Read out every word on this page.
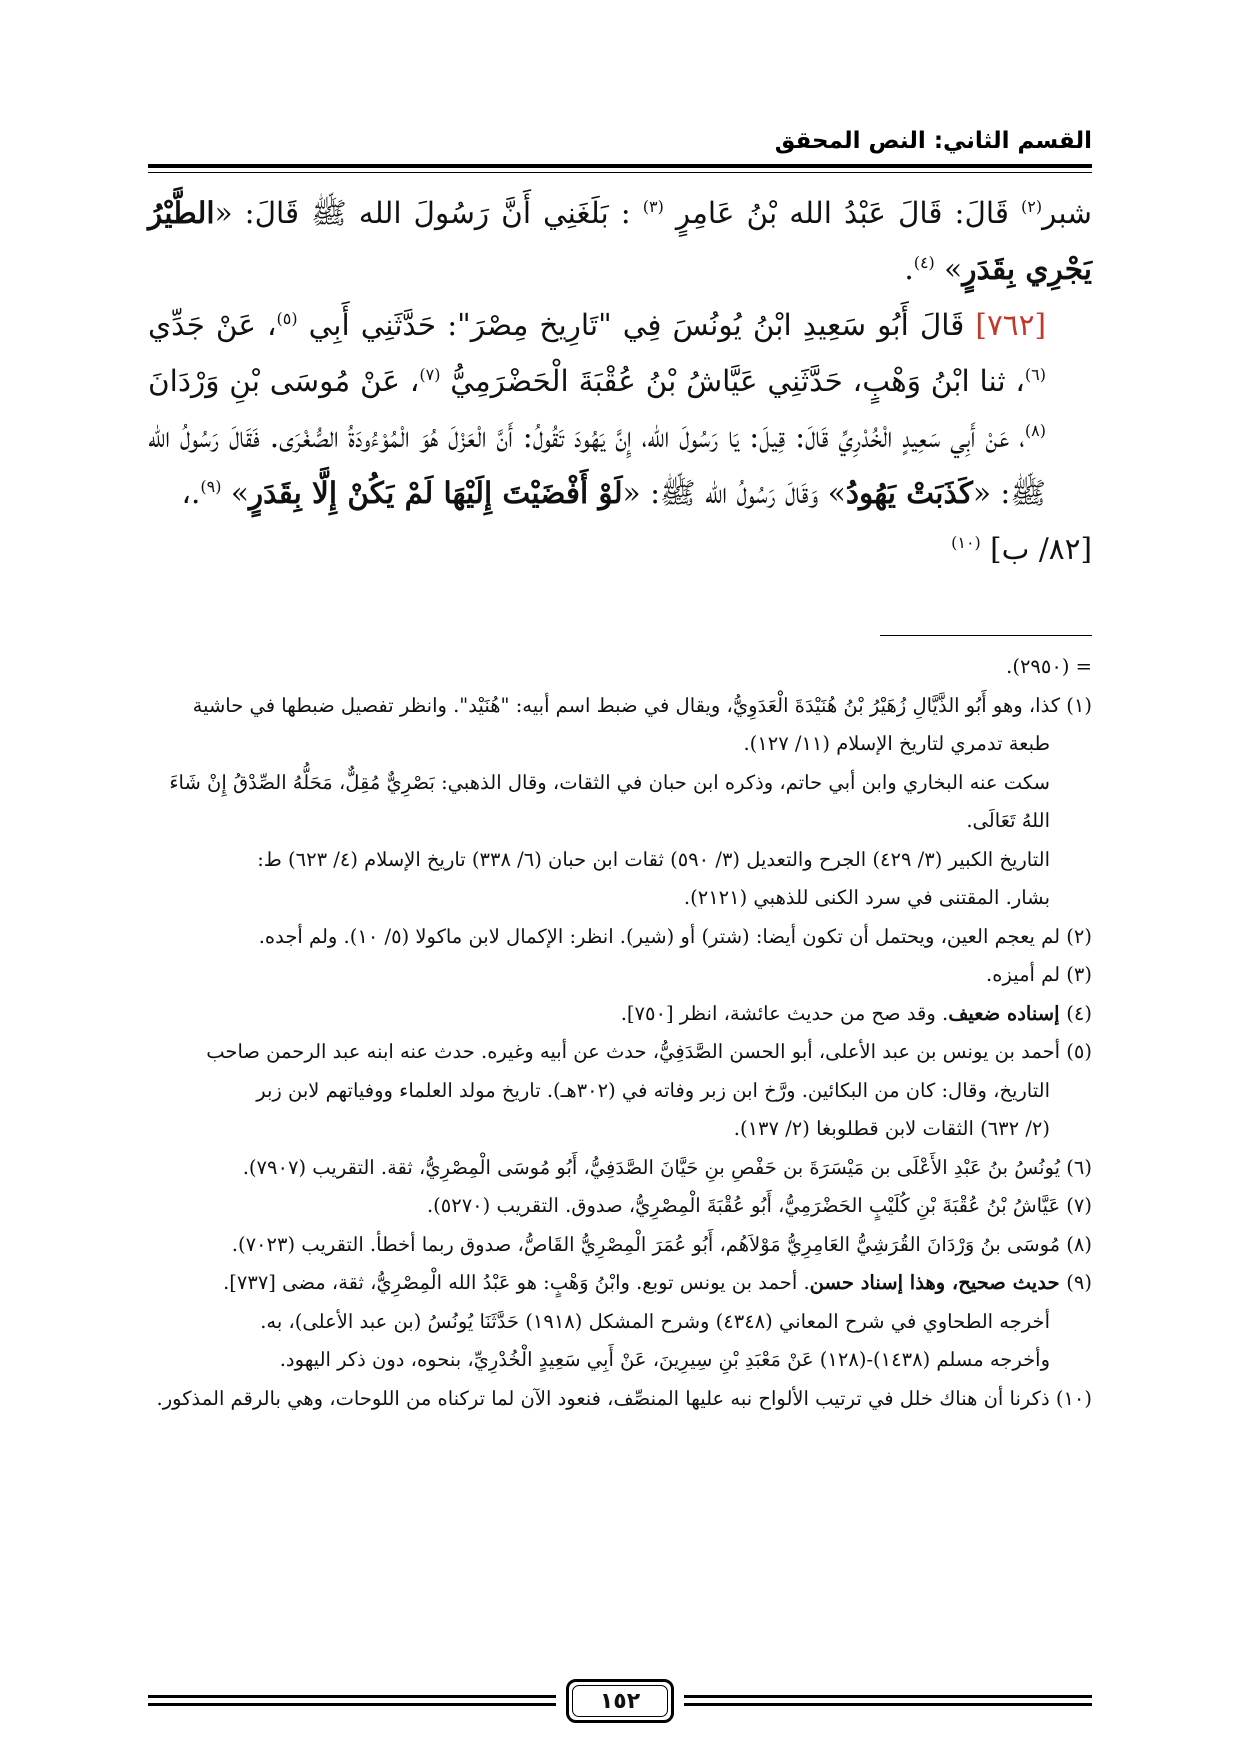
القسم الثاني: النص المحقق

شبر$^{(٢)}$ قَالَ: قَالَ عَبْدُ الله بْنُ عَامِرٍ $^{(٣)}$ : بَلَغَنِي أَنَّ رَسُولَ الله ﷺ قَالَ: «الطَّيْرُ يَجْرِي بِقَدَرٍ» $^{(٤)}$.

[٧٦٢] قَالَ أَبُو سَعِيدِ ابْنُ يُونُسَ فِي "تَارِيخ مِصْرَ": حَدَّثَنِي أَبِي $^{(٥)}$، عَنْ جَدِّي $^{(٦)}$، ثنا ابْنُ وَهْبٍ، حَدَّثَنِي عَيَّاشُ بْنُ عُقْبَةَ الْحَضْرَمِيُّ $^{(٧)}$، عَنْ مُوسَى بْنِ وَرْدَانَ $^{(٨)}$، عَنْ أَبِي سَعِيدٍ الْخُدْرِيِّ قَالَ: قِيلَ: يَا رَسُولَ الله، إِنَّ يَهُودَ تَقُولُ: أَنَّ الْعَزْلَ هُوَ الْمُوْءُودَةُ الصُّغْرَى. فَقَالَ رَسُولُ الله ﷺ: «كَذَبَتْ يَهُودُ» وَقَالَ رَسُولُ الله ﷺ: «لَوْ أَفْضَيْتَ إِلَيْهَا لَمْ يَكُنْ إِلَّا بِقَدَرٍ» $^{(٩)}$.،

[٨٢/ ب] $^{(١٠)}$

= (٢٩٥٠).

(١) كذا، وهو أَبُو الذَّيَّالِ زُهَيْرُ بْنُ هُنَيْدَةَ الْعَدَوِيُّ، ويقال في ضبط اسم أبيه: "هُنَيْد". وانظر تفصيل ضبطها في حاشية

طبعة تدمري لتاريخ الإسلام (١١/ ١٢٧).

سكت عنه البخاري وابن أبي حاتم، وذكره ابن حبان في الثقات، وقال الذهبي: بَصْرِيٌّ مُقِلٌّ، مَحَلُّهُ الصِّدْقُ إِنْ شَاءَ

اللهُ تَعَالَى.

التاريخ الكبير (٣/ ٤٢٩) الجرح والتعديل (٣/ ٥٩٠) ثقات ابن حبان (٦/ ٣٣٨) تاريخ الإسلام (٤/ ٦٢٣) ط:

بشار. المقتنى في سرد الكنى للذهبي (٢١٢١).

(٢) لم يعجم العين، ويحتمل أن تكون أيضا: (شتر) أو (شير). انظر: الإكمال لابن ماكولا (٥/ ١٠). ولم أجده.

(٣) لم أميزه.

(٤) إسناده ضعيف. وقد صح من حديث عائشة، انظر [٧٥٠].

(٥) أحمد بن يونس بن عبد الأعلى، أبو الحسن الصَّدَفِيُّ، حدث عن أبيه وغيره. حدث عنه ابنه عبد الرحمن صاحب

التاريخ، وقال: كان من البكائين. ورَّخ ابن زبر وفاته في (٣٠٢هـ). تاريخ مولد العلماء ووفياتهم لابن زبر

(٢/ ٦٣٢) الثقات لابن قطلوبغا (٢/ ١٣٧).

(٦) يُونُسُ بنُ عَبْدِ الأَعْلَى بن مَيْسَرَةَ بن حَفْصِ بنِ حَيَّانَ الصَّدَفِيُّ، أَبُو مُوسَى الْمِصْرِيُّ، ثقة. التقريب (٧٩٠٧).

(٧) عَيَّاشُ بْنُ عُقْبَةَ بْنِ كُلَيْبٍ الحَضْرَمِيُّ، أَبُو عُقْبَةَ الْمِصْرِيُّ، صدوق. التقريب (٥٢٧٠).

(٨) مُوسَى بنُ وَرْدَانَ القُرَشِيُّ العَامِرِيُّ مَوْلاَهُم، أَبُو عُمَرَ الْمِصْرِيُّ القَاصُّ، صدوق ربما أخطأ. التقريب (٧٠٢٣).

(٩) حديث صحيح، وهذا إسناد حسن. أحمد بن يونس توبع. وابْنُ وَهْبٍ: هو عَبْدُ الله الْمِصْرِيُّ، ثقة، مضى [٧٣٧].

أخرجه الطحاوي في شرح المعاني (٤٣٤٨) وشرح المشكل (١٩١٨) حَدَّثَنَا يُونُسُ (بن عبد الأعلى)، به.

وأخرجه مسلم (١٤٣٨)-(١٢٨) عَنْ مَعْبَدِ بْنِ سِيرِينَ، عَنْ أَبِي سَعِيدٍ الْخُدْرِيِّ، بنحوه، دون ذكر اليهود.

(١٠) ذكرنا أن هناك خلل في ترتيب الألواح نبه عليها المنصِّف، فنعود الآن لما تركناه من اللوحات، وهي بالرقم المذكور.

١٥٢
